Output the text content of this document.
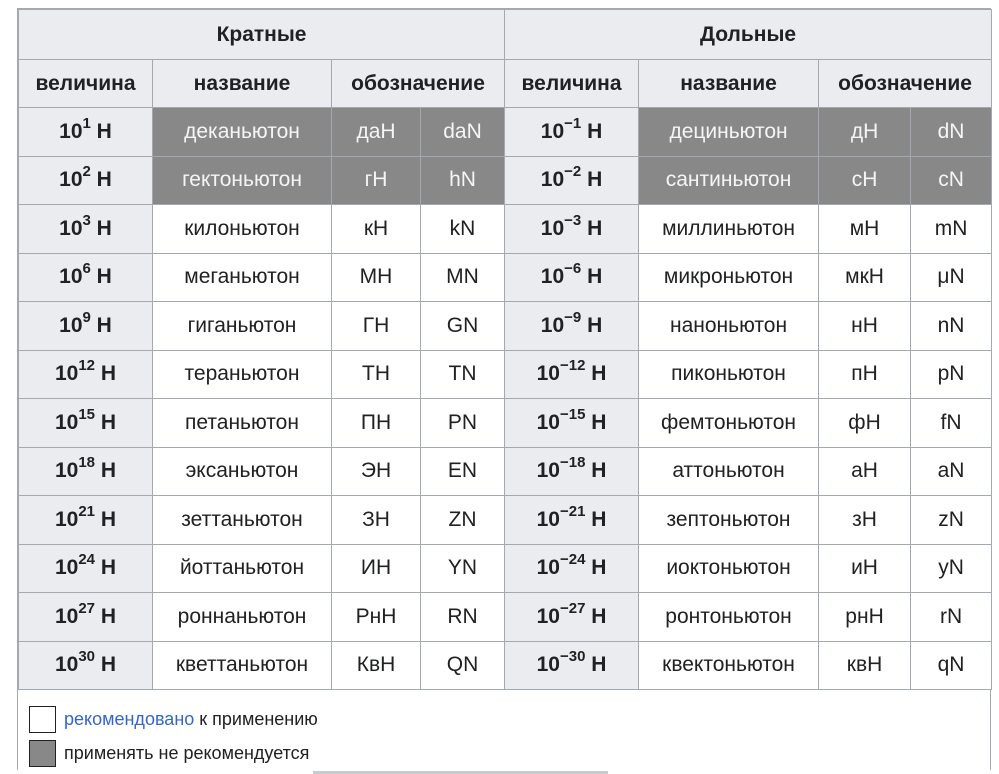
Кратные				Дольные			
величина	название	обозначение		величина	название	обозначение	
$10^1$ Н	деканьютон	даН	daN	$10^{-1}$ Н	дециньютон	дН	dN
$10^2$ Н	гектоньютон	гН	hN	$10^{-2}$ Н	сантиньютон	сН	cN
$10^3$ Н	килоньютон	кН	kN	$10^{-3}$ Н	миллиньютон	мН	mN
$10^6$ Н	меганьютон	МН	MN	$10^{-6}$ Н	микроньютон	мкН	μN
$10^9$ Н	гиганьютон	ГН	GN	$10^{-9}$ Н	наноньютон	нН	nN
$10^{12}$ Н	тераньютон	ТН	TN	$10^{-12}$ Н	пиконьютон	пН	pN
$10^{15}$ Н	петаньютон	ПН	PN	$10^{-15}$ Н	фемтоньютон	фН	fN
$10^{18}$ Н	эксаньютон	ЭН	EN	$10^{-18}$ Н	аттоньютон	аН	aN
$10^{21}$ Н	зеттаньютон	ЗН	ZN	$10^{-21}$ Н	зептоньютон	зН	zN
$10^{24}$ Н	йоттаньютон	ИН	YN	$10^{-24}$ Н	иоктоньютон	иН	yN
$10^{27}$ Н	роннаньютон	РнН	RN	$10^{-27}$ Н	ронтоньютон	рнН	rN
$10^{30}$ Н	кветтаньютон	КвН	QN	$10^{-30}$ Н	квектоньютон	квН	qN
рекомендовано к применению
применять не рекомендуется
